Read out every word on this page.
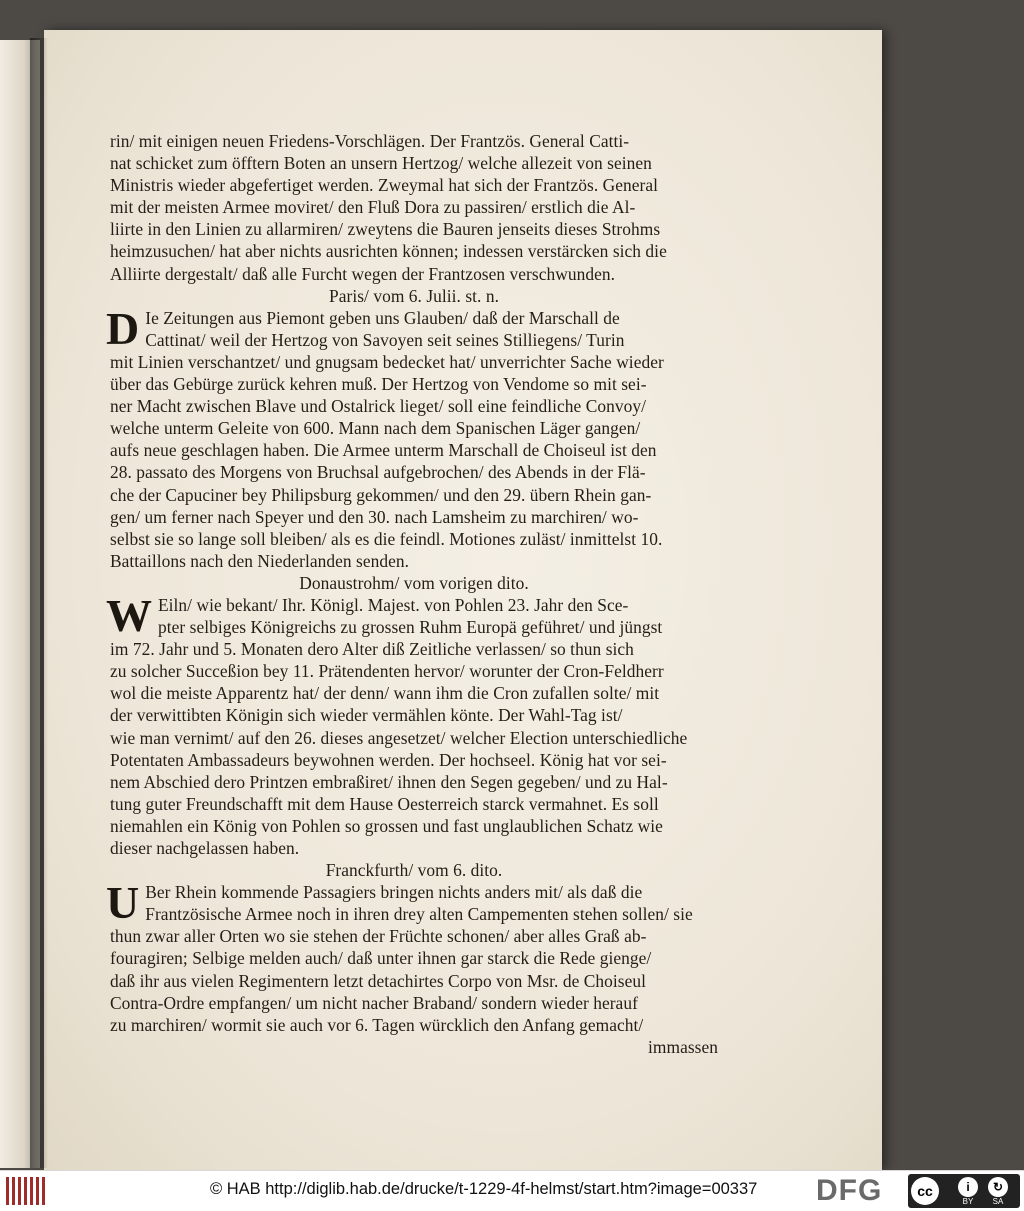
rin/ mit einigen neuen Friedens-Vorschlägen. Der Frantzös. General Catti-
nat schicket zum öfftern Boten an unsern Hertzog/ welche allezeit von seinen
Ministris wieder abgefertiget werden. Zweymal hat sich der Frantzös. General
mit der meisten Armee moviret/ den Fluß Dora zu passiren/ erstlich die Al-
liirte in den Linien zu allarmiren/ zweytens die Bauren jenseits dieses Strohms
heimzusuchen/ hat aber nichts ausrichten können; indessen verstärcken sich die
Alliirte dergestalt/ daß alle Furcht wegen der Frantzosen verschwunden.
Paris/ vom 6. Julii. st. n.
D Ie Zeitungen aus Piemont geben uns Glauben/ daß der Marschall de
Cattinat/ weil der Hertzog von Savoyen seit seines Stilliegens/ Turin
mit Linien verschantzet/ und gnugsam bedecket hat/ unverrichter Sache wieder
über das Gebürge zurück kehren muß. Der Hertzog von Vendome so mit sei-
ner Macht zwischen Blave und Ostalrick lieget/ soll eine feindliche Convoy/
welche unterm Geleite von 600. Mann nach dem Spanischen Läger gangen/
aufs neue geschlagen haben. Die Armee unterm Marschall de Choiseul ist den
28. passato des Morgens von Bruchsal aufgebrochen/ des Abends in der Flä-
che der Capuciner bey Philipsburg gekommen/ und den 29. übern Rhein gan-
gen/ um ferner nach Speyer und den 30. nach Lamsheim zu marchiren/ wo-
selbst sie so lange soll bleiben/ als es die feindl. Motiones zuläst/ inmittelst 10.
Battaillons nach den Niederlanden senden.
Donaustrohm/ vom vorigen dito.
W Eiln/ wie bekant/ Ihr. Königl. Majest. von Pohlen 23. Jahr den Sce-
pter selbiges Königreichs zu grossen Ruhm Europä geführet/ und jüngst
im 72. Jahr und 5. Monaten dero Alter diß Zeitliche verlassen/ so thun sich
zu solcher Succeßion bey 11. Prätendenten hervor/ worunter der Cron-Feldherr
wol die meiste Apparentz hat/ der denn/ wann ihm die Cron zufallen solte/ mit
der verwittibten Königin sich wieder vermählen könte. Der Wahl-Tag ist/
wie man vernimt/ auf den 26. dieses angesetzet/ welcher Election unterschiedliche
Potentaten Ambassadeurs beywohnen werden. Der hochseel. König hat vor sei-
nem Abschied dero Printzen embraßiret/ ihnen den Segen gegeben/ und zu Hal-
tung guter Freundschafft mit dem Hause Oesterreich starck vermahnet. Es soll
niemahlen ein König von Pohlen so grossen und fast unglaublichen Schatz wie
dieser nachgelassen haben.
Franckfurth/ vom 6. dito.
U Ber Rhein kommende Passagiers bringen nichts anders mit/ als daß die
Frantzösische Armee noch in ihren drey alten Campementen stehen sollen/ sie
thun zwar aller Orten wo sie stehen der Früchte schonen/ aber alles Graß ab-
fouragiren; Selbige melden auch/ daß unter ihnen gar starck die Rede gienge/
daß ihr aus vielen Regimentern letzt detachirtes Corpo von Msr. de Choiseul
Contra-Ordre empfangen/ um nicht nacher Braband/ sondern wieder herauf
zu marchiren/ wormit sie auch vor 6. Tagen würcklich den Anfang gemacht/
immassen
© HAB http://diglib.hab.de/drucke/t-1229-4f-helmst/start.htm?image=00337 DFG	cc	i	↻
BY	SA
